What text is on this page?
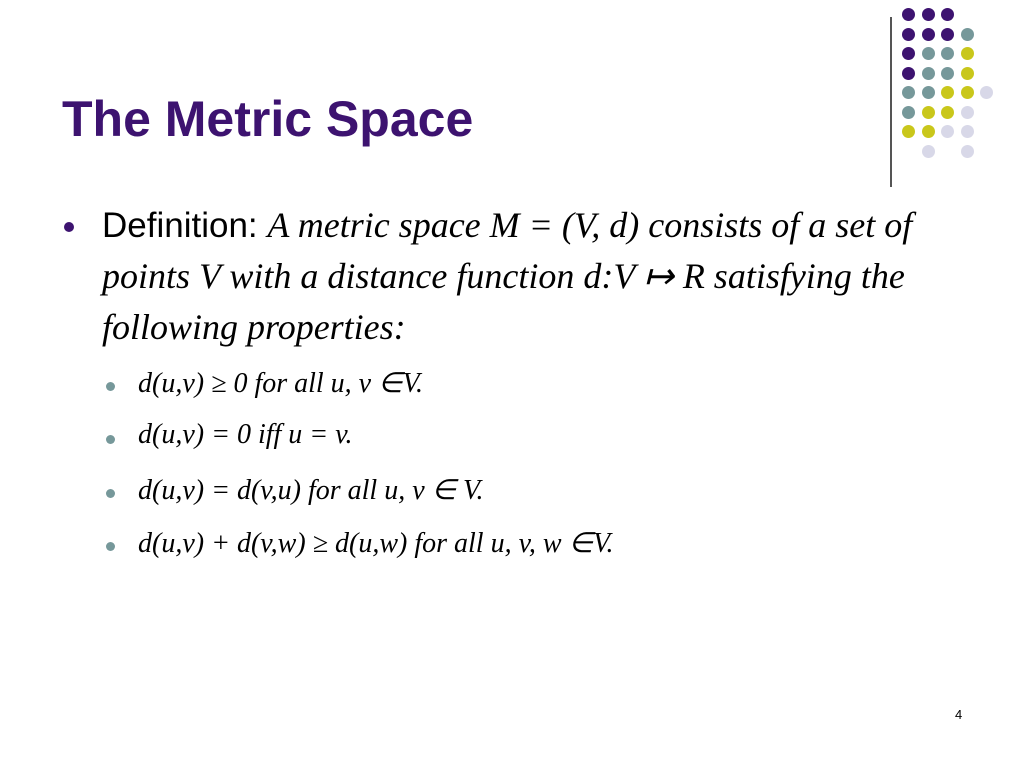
The Metric Space

Definition: A metric space M = (V, d) consists of a set of points V with a distance function d:V ↦ R satisfying the following properties:

d(u,v) ≥ 0 for all u, v ∈V.
d(u,v) = 0 iff u = v.
d(u,v) = d(v,u) for all u, v ∈ V.
d(u,v) + d(v,w) ≥ d(u,w) for all u, v, w ∈V.
4
